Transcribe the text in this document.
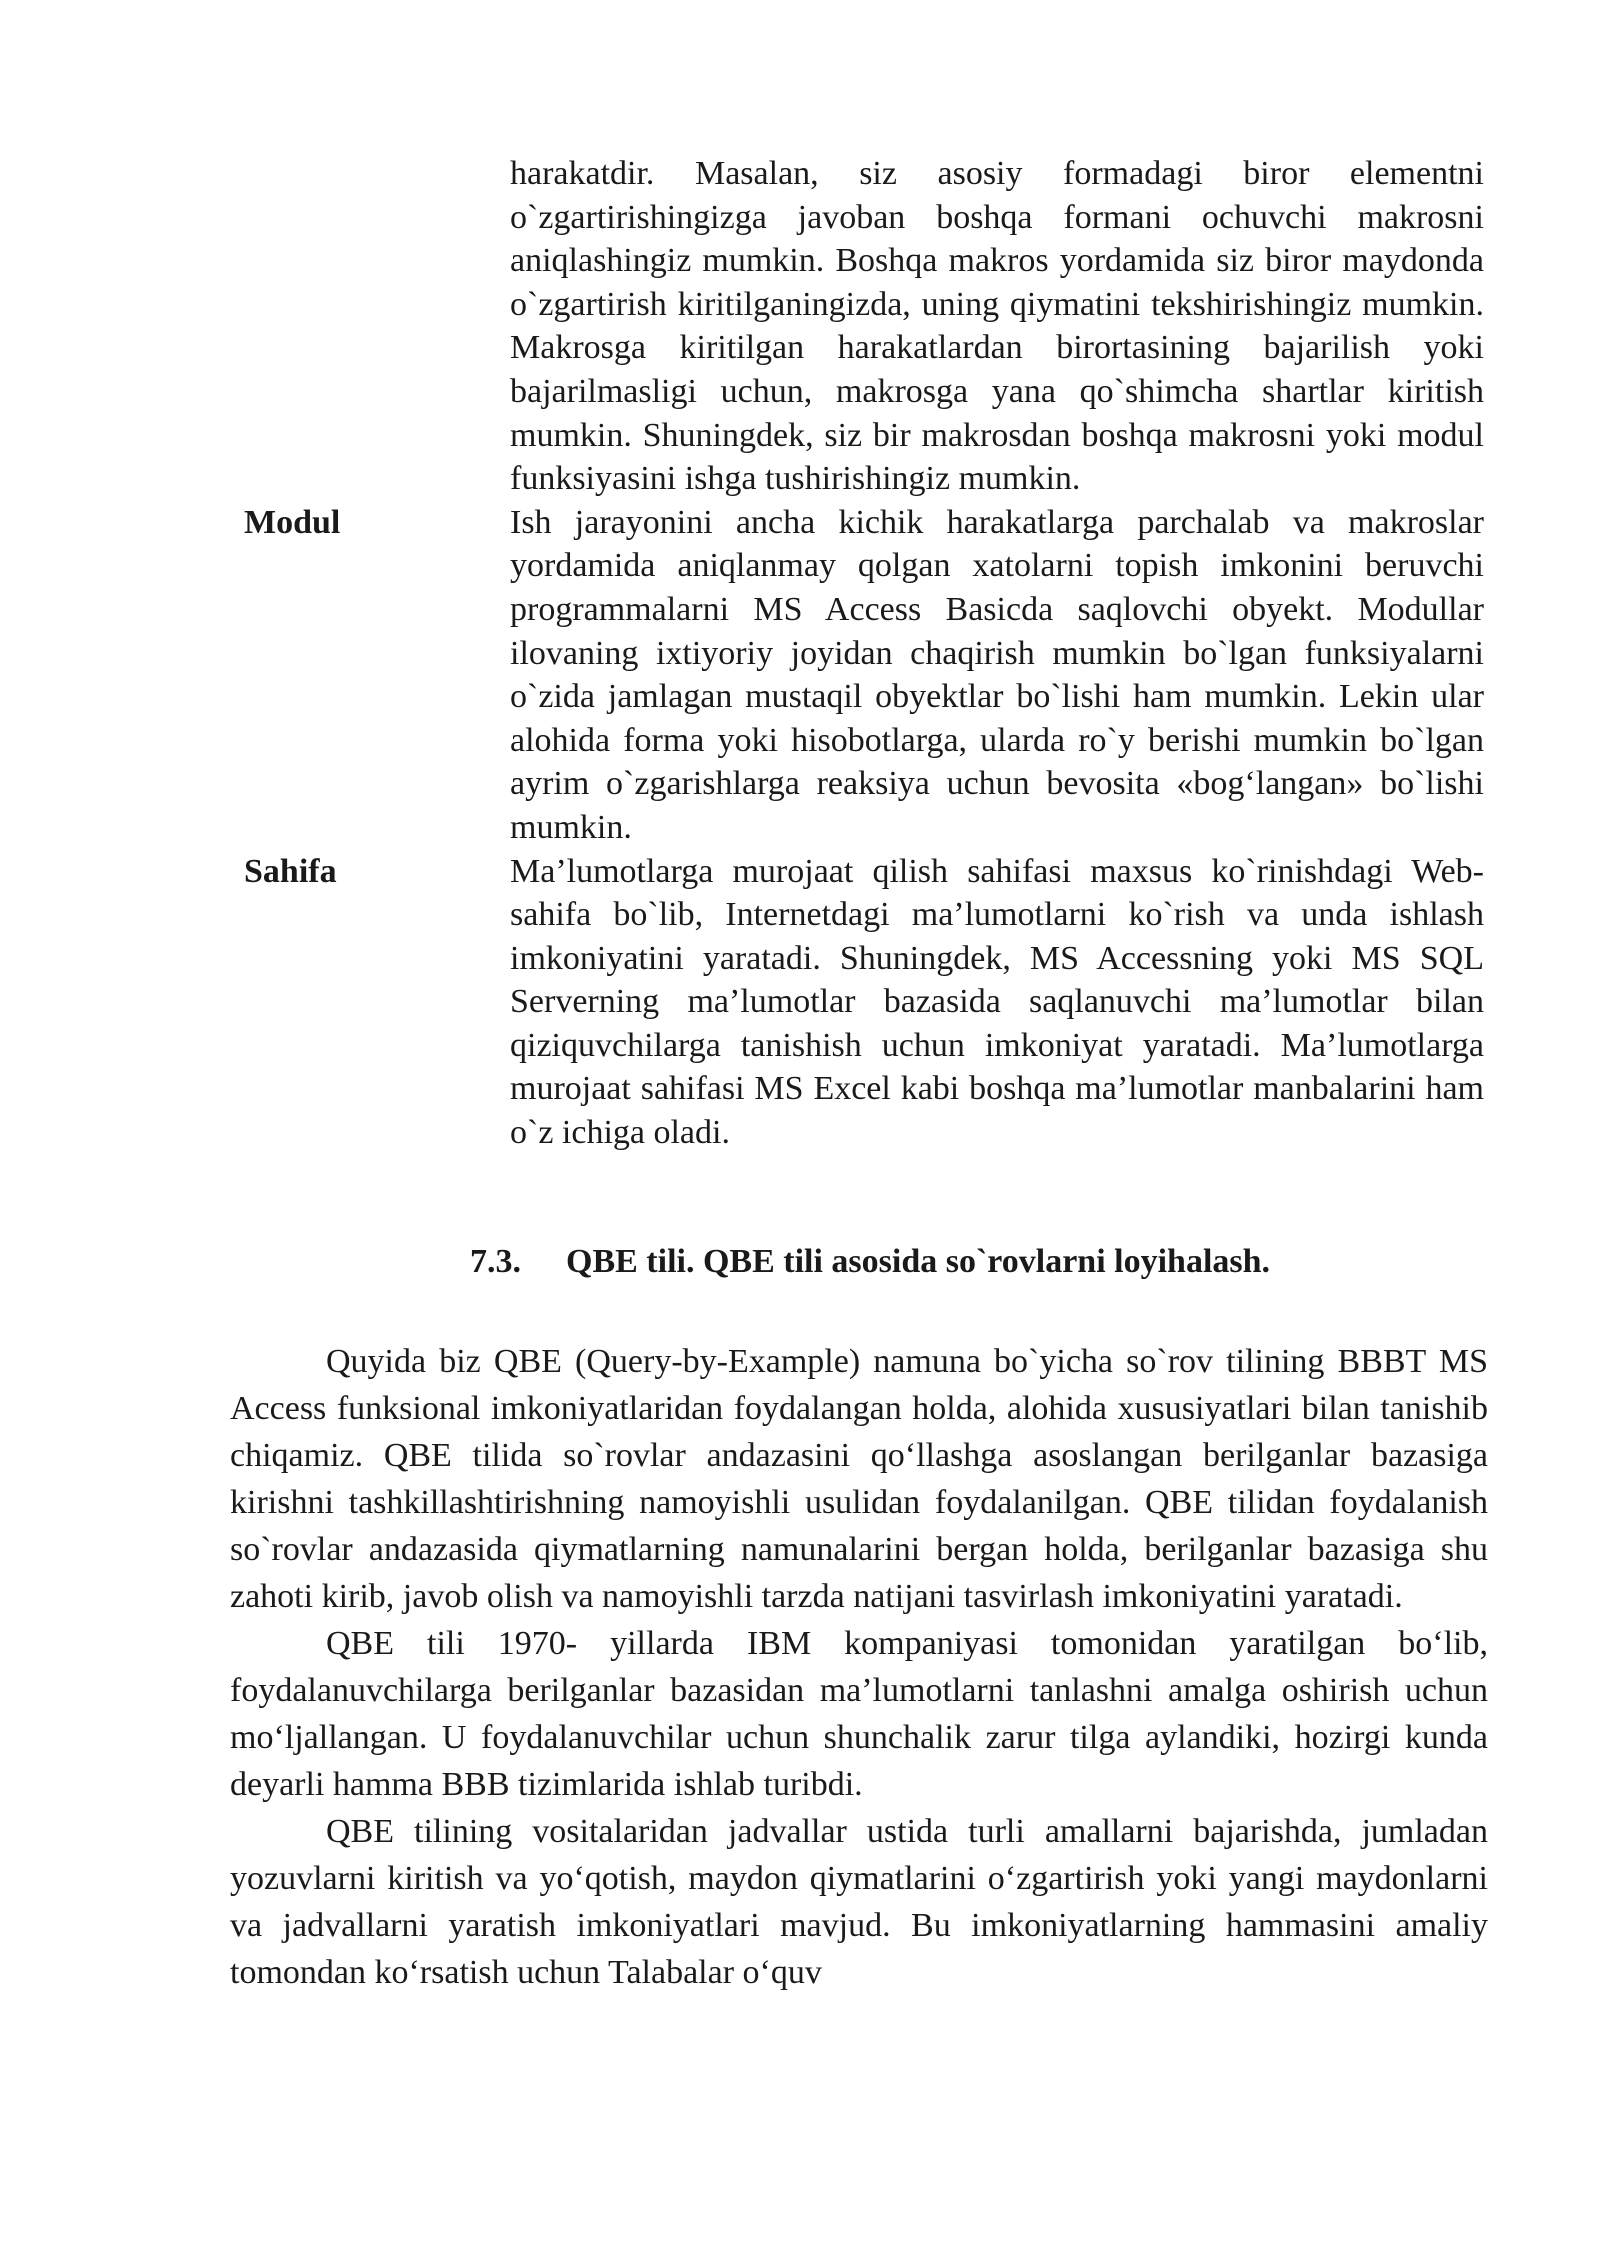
harakatdir. Masalan, siz asosiy formadagi biror elementni o`zgartirishingizga javoban boshqa formani ochuvchi makrosni aniqlashingiz mumkin. Boshqa makros yordamida siz biror maydonda o`zgartirish kiritilganingizda, uning qiymatini tekshirishingiz mumkin. Makrosga kiritilgan harakatlardan birortasining bajarilish yoki bajarilmasligi uchun, makrosga yana qo`shimcha shartlar kiritish mumkin. Shuningdek, siz bir makrosdan boshqa makrosni yoki modul funksiyasini ishga tushirishingiz mumkin.
Modul	Ish jarayonini ancha kichik harakatlarga parchalab va makroslar yordamida aniqlanmay qolgan xatolarni topish imkonini beruvchi programmalarni MS Access Basicda saqlovchi obyekt. Modullar ilovaning ixtiyoriy joyidan chaqirish mumkin bo`lgan funksiyalarni o`zida jamlagan mustaqil obyektlar bo`lishi ham mumkin. Lekin ular alohida forma yoki hisobotlarga, ularda ro`y berishi mumkin bo`lgan ayrim o`zgarishlarga reaksiya uchun bevosita «bog‘langan» bo`lishi mumkin.
Sahifa	Ma’lumotlarga murojaat qilish sahifasi maxsus ko`rinishdagi Web-sahifa bo`lib, Internetdagi ma’lumotlarni ko`rish va unda ishlash imkoniyatini yaratadi. Shuningdek, MS Accessning yoki MS SQL Serverning ma’lumotlar bazasida saqlanuvchi ma’lumotlar bilan qiziquvchilarga tanishish uchun imkoniyat yaratadi. Ma’lumotlarga murojaat sahifasi MS Excel kabi boshqa ma’lumotlar manbalarini ham o`z ichiga oladi.
7.3. QBE tili. QBE tili asosida so`rovlarni loyihalash.

Quyida biz QBE (Query-by-Example) namuna bo`yicha so`rov tilining BBBT MS Access funksional imkoniyatlaridan foydalangan holda, alohida xususiyatlari bilan tanishib chiqamiz. QBE tilida so`rovlar andazasini qo‘llashga asoslangan berilganlar bazasiga kirishni tashkillashtirishning namoyishli usulidan foydalanilgan. QBE tilidan foydalanish so`rovlar andazasida qiymatlarning namunalarini bergan holda, berilganlar bazasiga shu zahoti kirib, javob olish va namoyishli tarzda natijani tasvirlash imkoniyatini yaratadi.

QBE tili 1970- yillarda IBM kompaniyasi tomonidan yaratilgan bo‘lib, foydalanuvchilarga berilganlar bazasidan ma’lumotlarni tanlashni amalga oshirish uchun mo‘ljallangan. U foydalanuvchilar uchun shunchalik zarur tilga aylandiki, hozirgi kunda deyarli hamma BBB tizimlarida ishlab turibdi.

QBE tilining vositalaridan jadvallar ustida turli amallarni bajarishda, jumladan yozuvlarni kiritish va yo‘qotish, maydon qiymatlarini o‘zgartirish yoki yangi maydonlarni va jadvallarni yaratish imkoniyatlari mavjud. Bu imkoniyatlarning hammasini amaliy tomondan ko‘rsatish uchun Talabalar o‘quv
